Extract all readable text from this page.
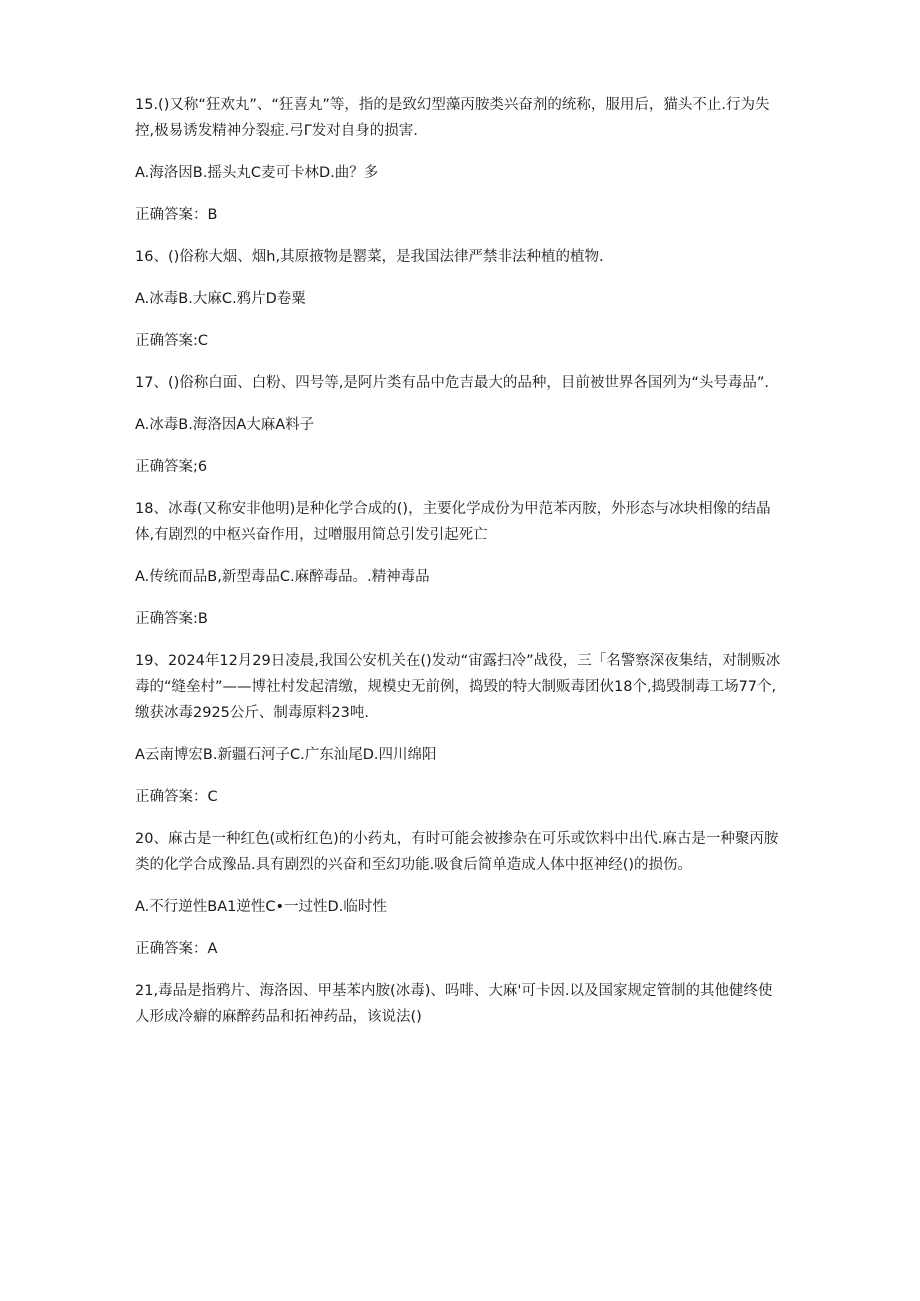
15.()又称“狂欢丸”、“狂喜丸”等，指的是致幻型藻丙胺类兴奋剂的统称，服用后，猫头不止.行为失控,极易诱发精神分裂症.弓Γ发对自身的损害.

A.海洛因B.摇头丸C麦可卡林D.曲？多

正确答案：B

16、()俗称大烟、烟h,其原掖物是罂菜，是我国法律严禁非法种植的植物.

A.冰毒B.大麻C.鸦片D卷粟

正确答案:C

17、()俗称白面、白粉、四号等,是阿片类有品中危吉最大的品种，目前被世界各国列为“头号毒品”.

A.冰毒B.海洛因A大麻A料子

正确答案;6

18、冰毒(又称安非他明)是种化学合成的()，主要化学成份为甲范苯丙胺，外形态与冰块相像的结晶体,有剧烈的中枢兴奋作用，过噌服用简总引发引起死亡

A.传统而品B,新型毒品C.麻醉毒品。.精神毒品

正确答案:B

19、2024年12月29日凌晨,我国公安机关在()发动“宙露扫冷”战役，三「名警察深夜集结，对制贩冰毒的“缝垒村”——博社村发起清缴，规模史无前例，捣毁的特大制贩毒团伙18个,捣毁制毒工场77个,缴获冰毒2925公斤、制毒原料23吨.

A云南博宏B.新疆石河子C.广东汕尾D.四川绵阳

正确答案：C

20、麻古是一种红色(或桁红色)的小药丸，有时可能会被掺杂在可乐或饮料中出代.麻古是一种聚丙胺类的化学合成豫品.具有剧烈的兴奋和至幻功能.吸食后简单造成人体中抠神经()的损伤。

A.不行逆性BA1逆性C•一过性D.临时性

正确答案：A

21,毒品是指鸦片、海洛因、甲基苯内胺(冰毒)、吗啡、大麻'可卡因.以及国家规定管制的其他健终使人形成冷癖的麻醉药品和拓神药品，该说法()
